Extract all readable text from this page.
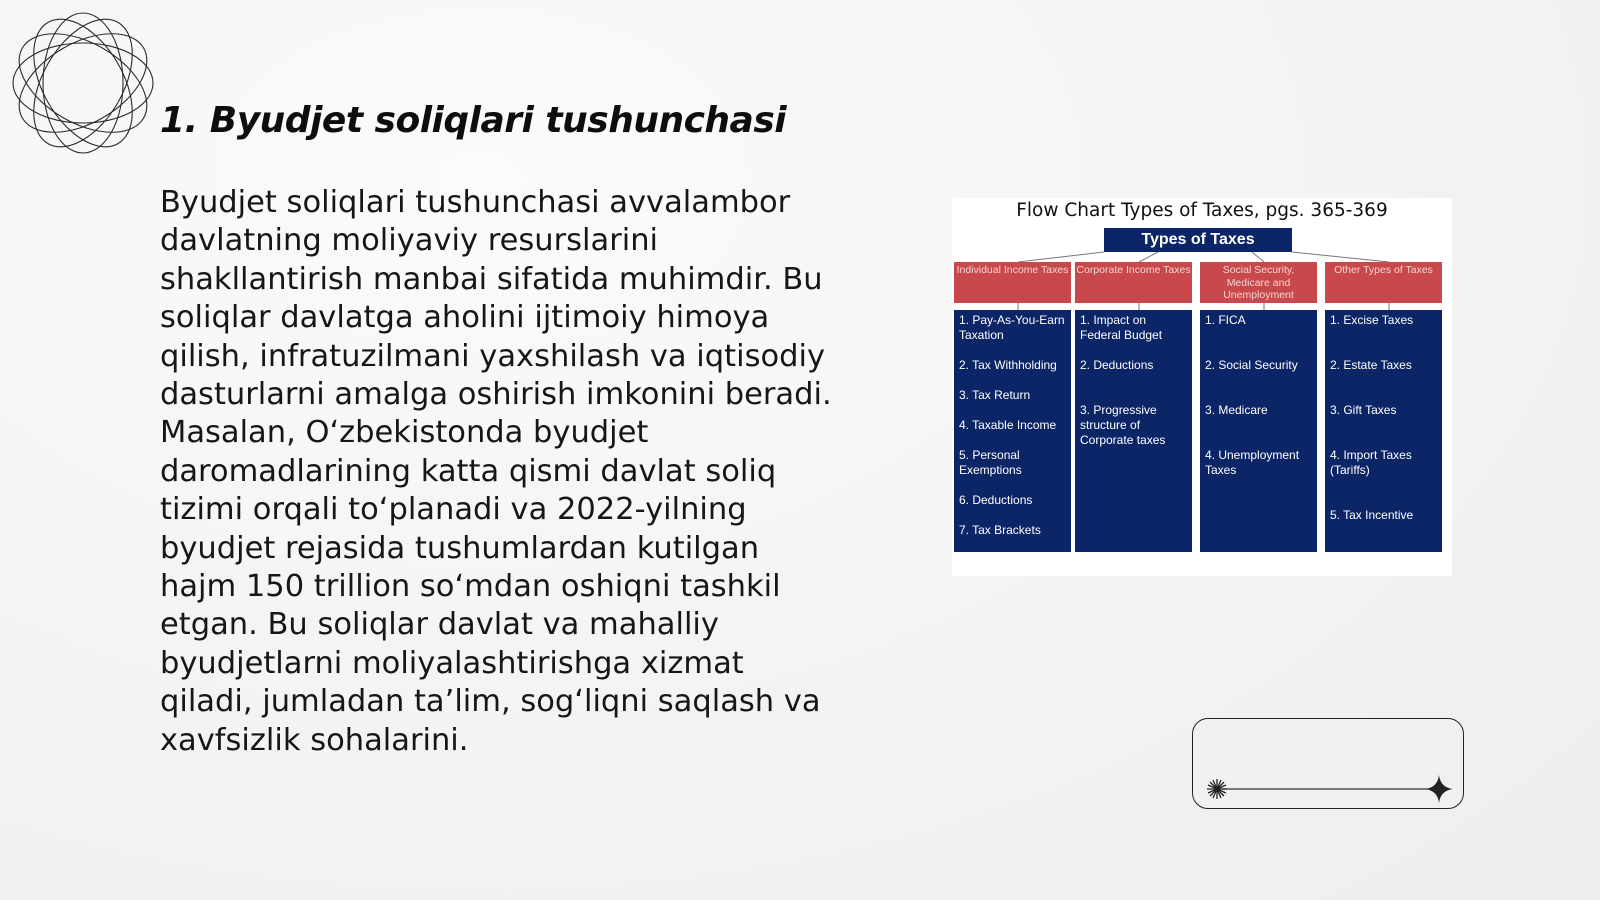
1. Byudjet soliqlari tushunchasi

Byudjet soliqlari tushunchasi avvalambor davlatning moliyaviy resurslarini shakllantirish manbai sifatida muhimdir. Bu soliqlar davlatga aholini ijtimoiy himoya qilish, infratuzilmani yaxshilash va iqtisodiy dasturlarni amalga oshirish imkonini beradi. Masalan, Oʻzbekistonda byudjet daromadlarining katta qismi davlat soliq tizimi orqali toʻplanadi va 2022-yilning byudjet rejasida tushumlardan kutilgan hajm 150 trillion soʻmdan oshiqni tashkil etgan. Bu soliqlar davlat va mahalliy byudjetlarni moliyalashtirishga xizmat qiladi, jumladan ta’lim, sogʻliqni saqlash va xavfsizlik sohalarini.

Flow Chart Types of Taxes, pgs. 365-369
Types of Taxes
Individual Income Taxes
1. Pay-As-You-Earn Taxation
2. Tax Withholding
3. Tax Return
4. Taxable Income
5. Personal Exemptions
6. Deductions
7. Tax Brackets
Corporate Income Taxes
1. Impact on Federal Budget
2. Deductions
3. Progressive structure of Corporate taxes
Social Security, Medicare and Unemployment
1. FICA
2. Social Security
3. Medicare
4. Unemployment Taxes
Other Types of Taxes
1. Excise Taxes
2. Estate Taxes
3. Gift Taxes
4. Import Taxes (Tariffs)
5. Tax Incentive
